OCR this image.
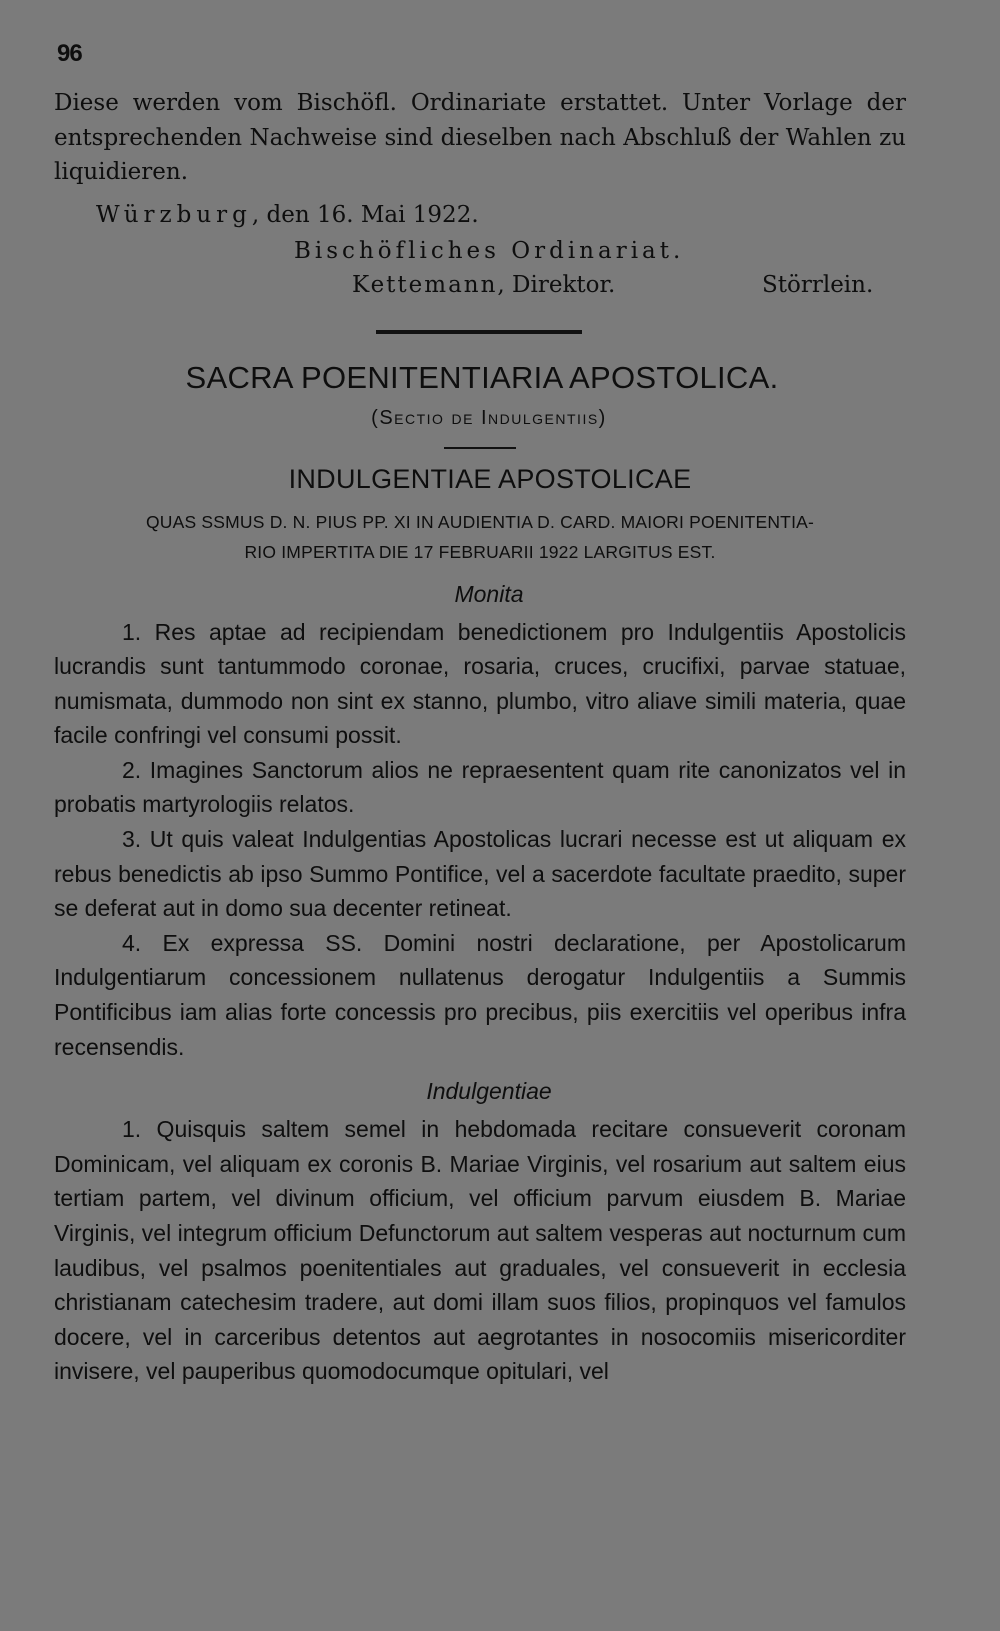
96

Diese werden vom Bischöfl. Ordinariate erstattet. Unter Vorlage der entsprechenden Nachweise sind dieselben nach Abschluß der Wahlen zu liquidieren.

Würzburg, den 16. Mai 1922.
Bischöfliches Ordinariat.
Kettemann, Direktor.	Störrlein.
SACRA POENITENTIARIA APOSTOLICA.
(Sectio de Indulgentiis)
INDULGENTIAE APOSTOLICAE
QUAS SSMUS D. N. PIUS PP. XI IN AUDIENTIA D. CARD. MAIORI POENITENTIA-
RIO IMPERTITA DIE 17 FEBRUARII 1922 LARGITUS EST.
Monita

1. Res aptae ad recipiendam benedictionem pro Indulgentiis Apostolicis lucrandis sunt tantummodo coronae, rosaria, cruces, crucifixi, parvae statuae, numismata, dummodo non sint ex stanno, plumbo, vitro aliave simili materia, quae facile confringi vel consumi possit.

2. Imagines Sanctorum alios ne repraesentent quam rite canonizatos vel in probatis martyrologiis relatos.

3. Ut quis valeat Indulgentias Apostolicas lucrari necesse est ut aliquam ex rebus benedictis ab ipso Summo Pontifice, vel a sacerdote facultate praedito, super se deferat aut in domo sua decenter retineat.

4. Ex expressa SS. Domini nostri declaratione, per Apostolicarum Indulgentiarum concessionem nullatenus derogatur Indulgentiis a Summis Pontificibus iam alias forte concessis pro precibus, piis exercitiis vel operibus infra recensendis.

Indulgentiae

1. Quisquis saltem semel in hebdomada recitare consueverit coronam Dominicam, vel aliquam ex coronis B. Mariae Virginis, vel rosarium aut saltem eius tertiam partem, vel divinum officium, vel officium parvum eiusdem B. Mariae Virginis, vel integrum officium Defunctorum aut saltem vesperas aut nocturnum cum laudibus, vel psalmos poenitentiales aut graduales, vel consueverit in ecclesia christianam catechesim tradere, aut domi illam suos filios, propinquos vel famulos docere, vel in carceribus detentos aut aegrotantes in nosocomiis misericorditer invisere, vel pauperibus quomodocumque opitulari, vel
